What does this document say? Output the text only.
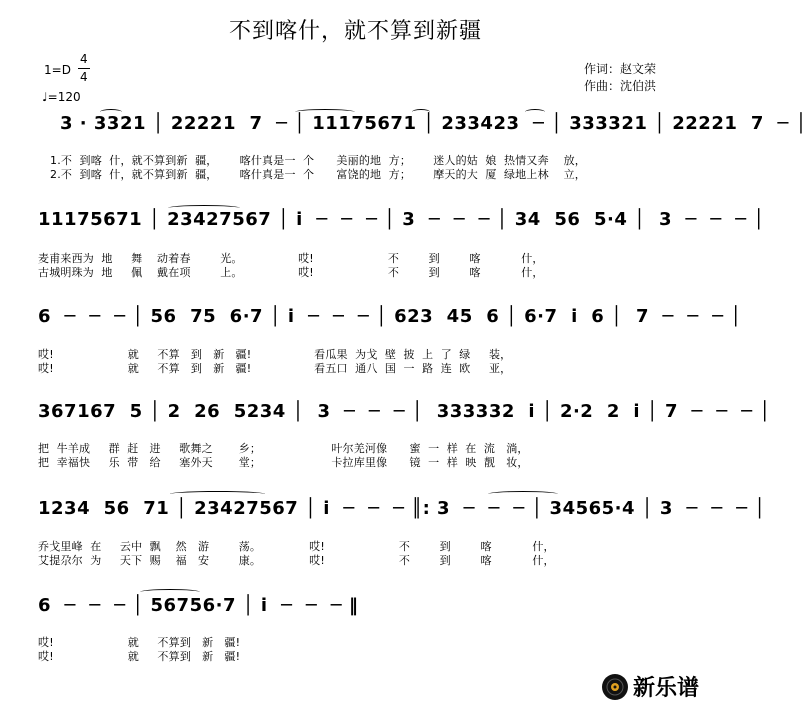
不到喀什，就不算到新疆
1=D
4
4
♩=120
作词：赵文荣
作曲：沈伯洪
3 · 3321 │ 22221  7  ─ │ 11175671 │ 233423  ─ │ 333321 │ 22221  7  ─ │
1.不  到喀  什，就不算到新  疆，      喀什真是一  个      美丽的地  方；      迷人的姑  娘  热情又奔    放，
2.不  到喀  什，就不算到新  疆，      喀什真是一  个      富饶的地  方；      摩天的大  厦  绿地上林    立，
11175671 │ 23427567 │ i  ─  ─  ─ │ 3  ─  ─  ─ │ 34  56  5·4 │  3  ─  ─  ─ │
麦甫来西为  地     舞    动着春        光。               哎!                    不        到        喀           什，
古城明珠为  地     佩    戴在项        上。               哎!                    不        到        喀           什，
6  ─  ─  ─ │ 56  75  6·7 │ i  ─  ─  ─ │ 623  45  6 │ 6·7  i  6 │  7  ─  ─  ─ │
哎!                    就     不算   到   新   疆!                 看瓜果  为戈  壁  披  上  了  绿     装，
哎!                    就     不算   到   新   疆!                 看五口  通八  国  一  路  连  欧     亚，
367167  5 │ 2  26  5234 │  3  ─  ─  ─ │  333332  i │ 2·2  2  i │ 7  ─  ─  ─ │
把  牛羊成     群  赶   进     歌舞之       乡；                   叶尔羌河像      蜜  一  样  在  流   淌，
把  幸福快     乐  带   给     塞外天       堂；                   卡拉库里像      镜  一  样  映  靓   妆，
1234  56  71 │ 23427567 │ i  ─  ─  ─ ║: 3  ─  ─  ─ │ 34565·4 │ 3  ─  ─  ─ │
乔戈里峰  在     云中  飘    然   游        荡。             哎!                    不        到        喀           什，
艾提尕尔  为     天下  赐    福   安        康。             哎!                    不        到        喀           什，
6  ─  ─  ─ │ 56756·7 │ i  ─  ─  ─ ‖
哎!                    就     不算到   新   疆!
哎!                    就     不算到   新   疆!
新乐谱
